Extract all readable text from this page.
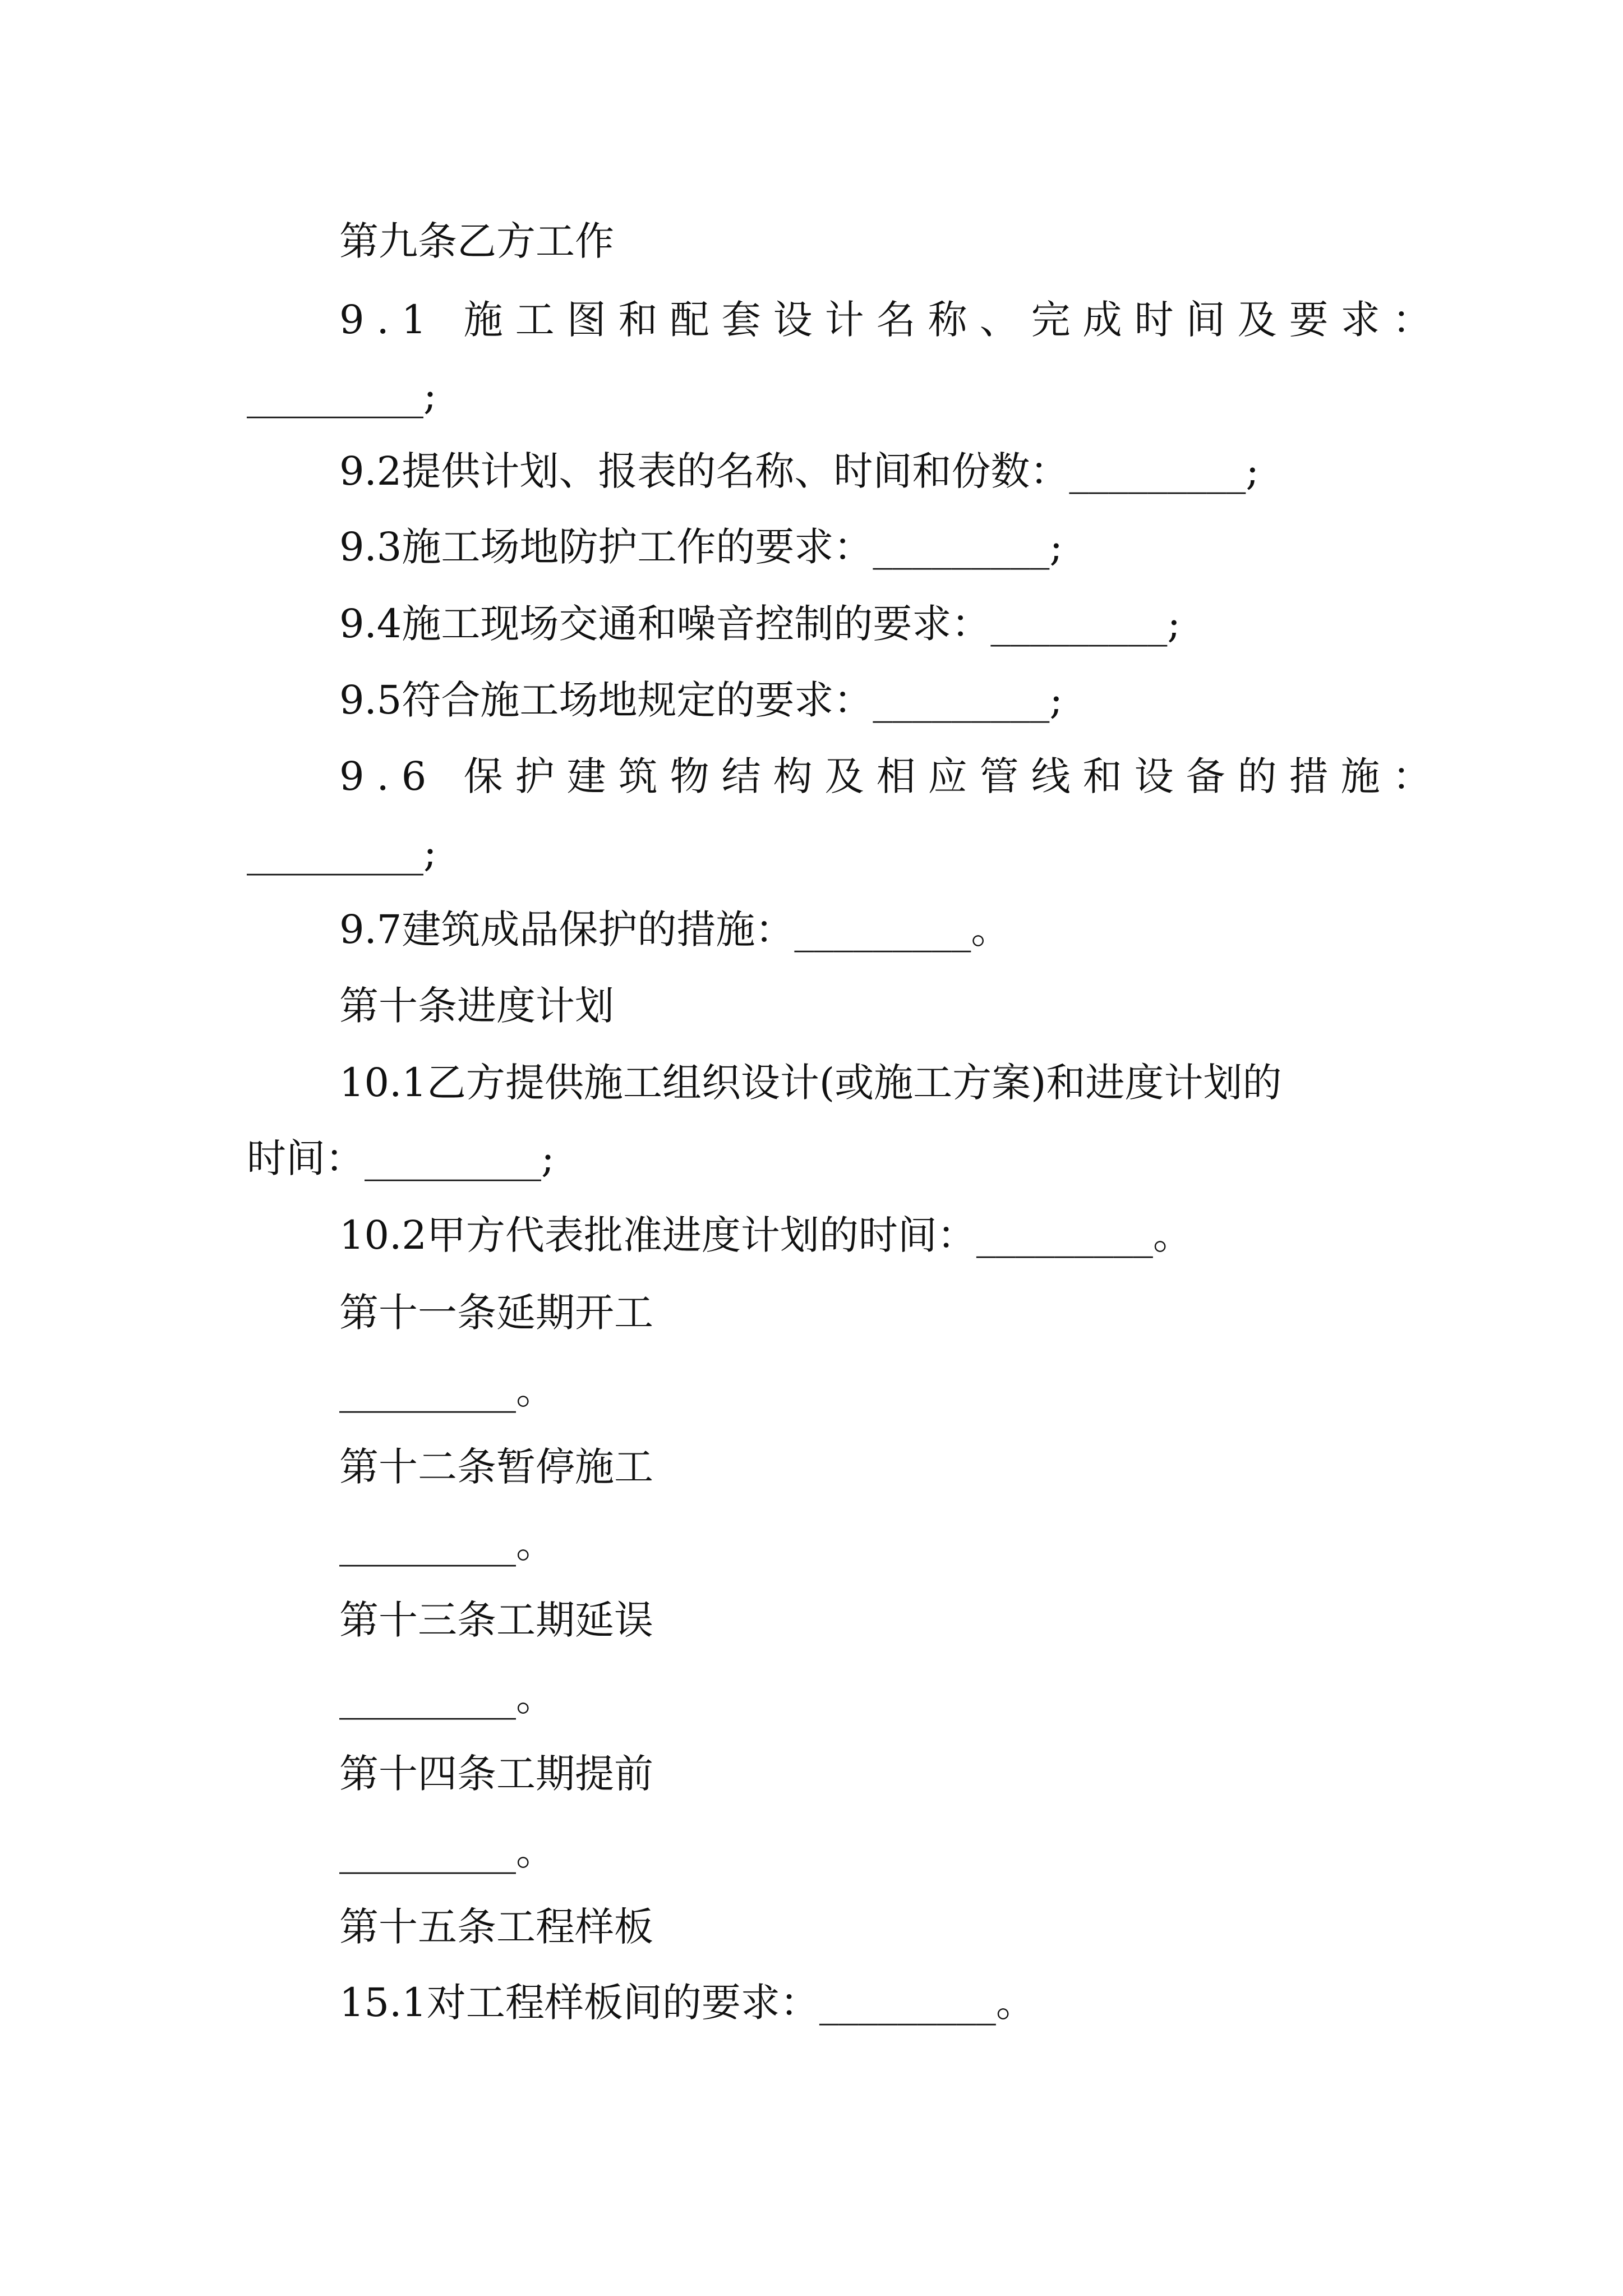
第九条乙方工作
9.1 施工图和配套设计名称、完成时间及要求：
_________;
9.2提供计划、报表的名称、时间和份数：_________;
9.3施工场地防护工作的要求：_________;
9.4施工现场交通和噪音控制的要求：_________;
9.5符合施工场地规定的要求：_________;
9.6 保护建筑物结构及相应管线和设备的措施：
_________;
9.7建筑成品保护的措施：_________。
第十条进度计划
10.1乙方提供施工组织设计(或施工方案)和进度计划的
时间：_________;
10.2甲方代表批准进度计划的时间：_________。
第十一条延期开工
_________。
第十二条暂停施工
_________。
第十三条工期延误
_________。
第十四条工期提前
_________。
第十五条工程样板
15.1对工程样板间的要求：_________。
